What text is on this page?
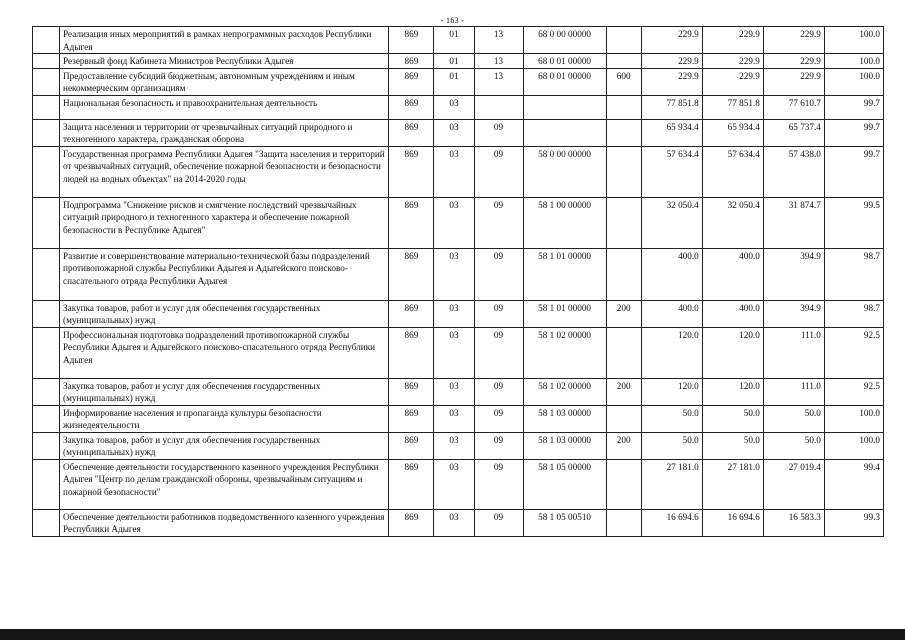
- 163 -
	Реализация иных мероприятий в рамках непрограммных расходов Республики Адыгея	869	01	13	68 0 00 00000		229.9	229.9	229.9	100.0
	Резервный фонд Кабинета Министров Республики Адыгея	869	01	13	68 0 01 00000		229.9	229.9	229.9	100.0
	Предоставление субсидий бюджетным, автономным учреждениям и иным некоммерческим организациям	869	01	13	68 0 01 00000	600	229.9	229.9	229.9	100.0
	Национальная безопасность и правоохранительная деятельность	869	03				77 851.8	77 851.8	77 610.7	99.7
	Защита населения и территории от чрезвычайных ситуаций природного и техногенного характера, гражданская оборона	869	03	09			65 934.4	65 934.4	65 737.4	99.7
	Государственная программа Республики Адыгея "Защита населения и территорий от чрезвычайных ситуаций, обеспечение пожарной безопасности и безопасности людей на водных объектах" на 2014-2020 годы	869	03	09	58 0 00 00000		57 634.4	57 634.4	57 438.0	99.7
	Подпрограмма "Снижение рисков и смягчение последствий чрезвычайных ситуаций природного и техногенного характера и обеспечение пожарной безопасности в Республике Адыгея"	869	03	09	58 1 00 00000		32 050.4	32 050.4	31 874.7	99.5
	Развитие и совершенствование материально-технической базы подразделений противопожарной службы Республики Адыгея и Адыгейского поисково-спасательного отряда Республики Адыгея	869	03	09	58 1 01 00000		400.0	400.0	394.9	98.7
	Закупка товаров, работ и услуг для обеспечения государственных (муниципальных) нужд	869	03	09	58 1 01 00000	200	400.0	400.0	394.9	98.7
	Профессиональная подготовка подразделений противопожарной службы Республики Адыгея и Адыгейского поисково-спасательного отряда Республики Адыгея	869	03	09	58 1 02 00000		120.0	120.0	111.0	92.5
	Закупка товаров, работ и услуг для обеспечения государственных (муниципальных) нужд	869	03	09	58 1 02 00000	200	120.0	120.0	111.0	92.5
	Информирование населения и пропаганда культуры безопасности жизнедеятельности	869	03	09	58 1 03 00000		50.0	50.0	50.0	100.0
	Закупка товаров, работ и услуг для обеспечения государственных (муниципальных) нужд	869	03	09	58 1 03 00000	200	50.0	50.0	50.0	100.0
	Обеспечение деятельности государственного казенного учреждения Республики Адыгея "Центр по делам гражданской обороны, чрезвычайным ситуациям и пожарной безопасности"	869	03	09	58 1 05 00000		27 181.0	27 181.0	27 019.4	99.4
	Обеспечение деятельности работников подведомственного казенного учреждения Республики Адыгея	869	03	09	58 1 05 00510		16 694.6	16 694.6	16 583.3	99.3
